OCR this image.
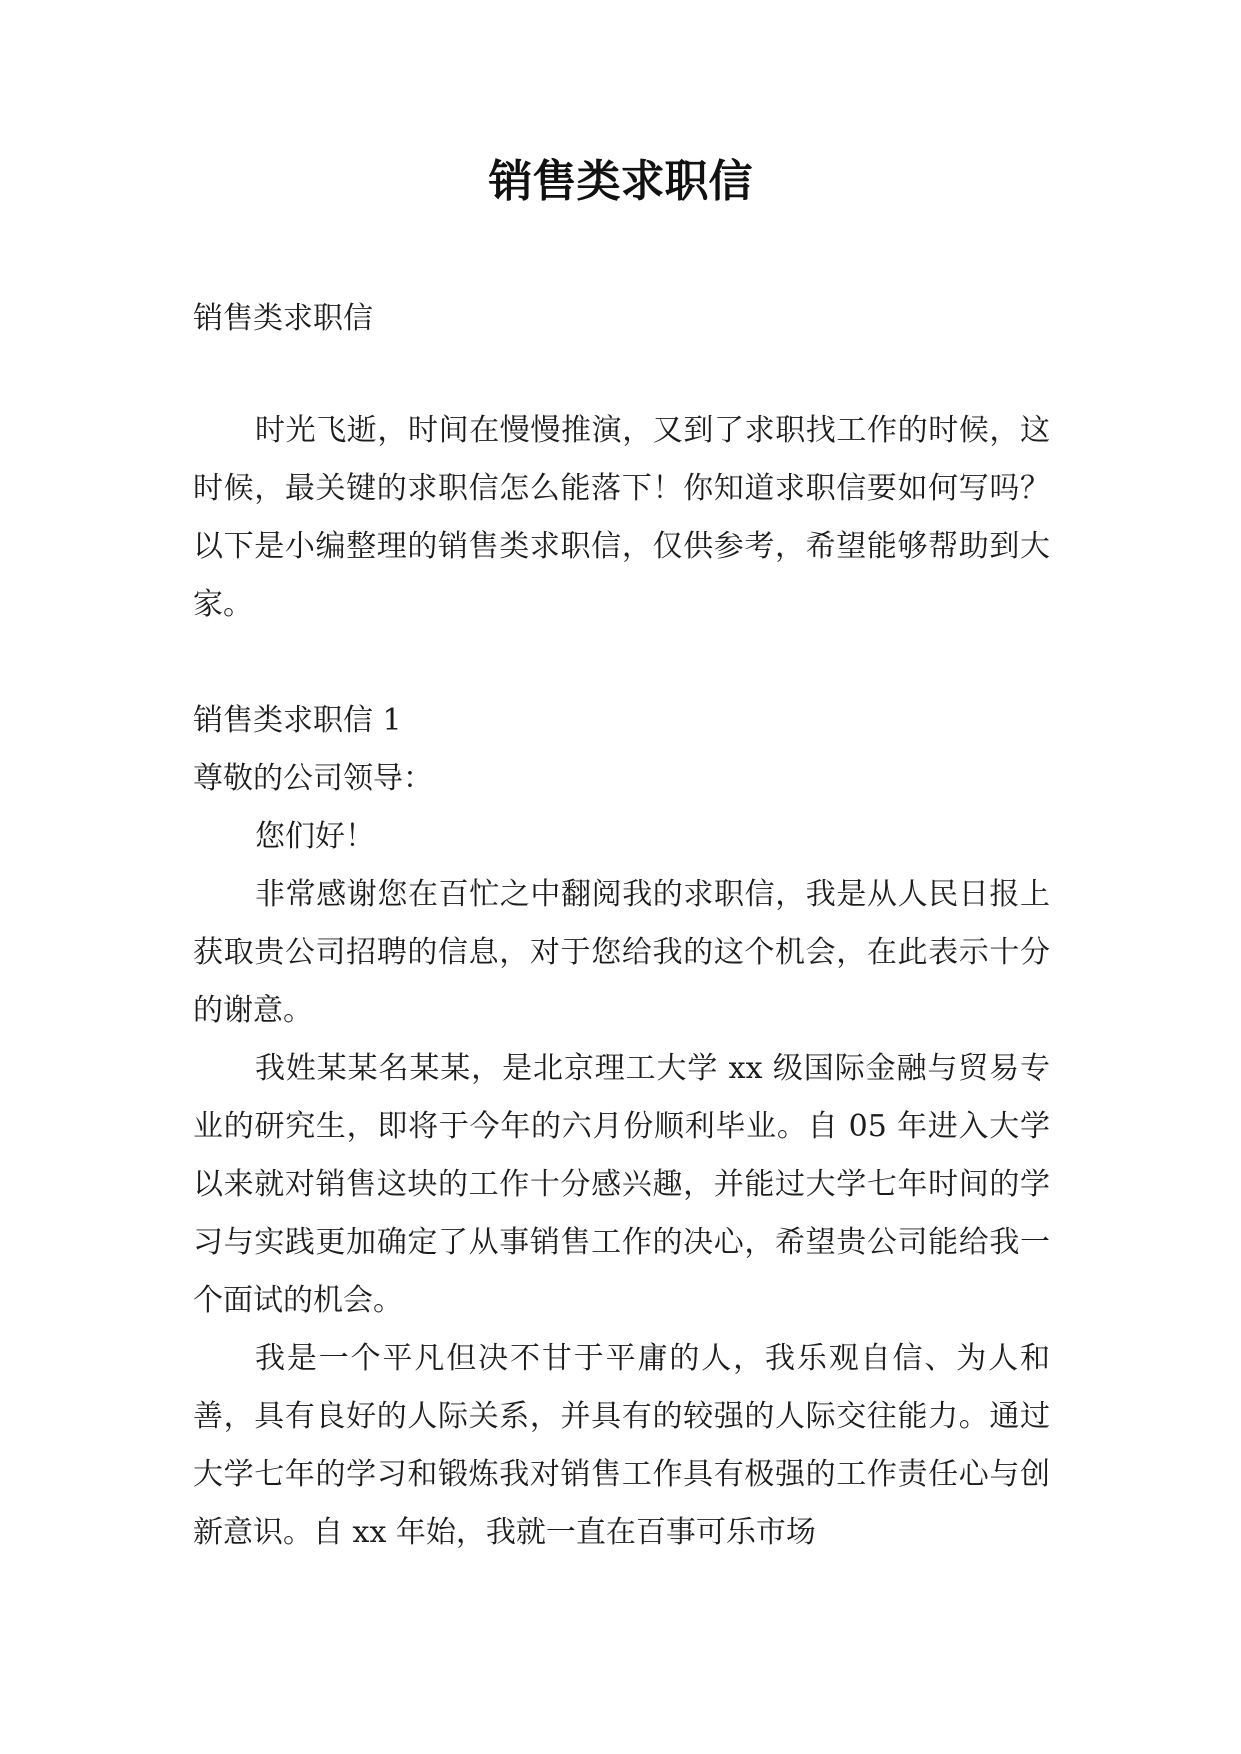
销售类求职信
销售类求职信

时光飞逝，时间在慢慢推演，又到了求职找工作的时候，这时候，最关键的求职信怎么能落下！你知道求职信要如何写吗？以下是小编整理的销售类求职信，仅供参考，希望能够帮助到大家。

销售类求职信 1

尊敬的公司领导：

您们好！

非常感谢您在百忙之中翻阅我的求职信，我是从人民日报上获取贵公司招聘的信息，对于您给我的这个机会，在此表示十分的谢意。

我姓某某名某某，是北京理工大学 xx 级国际金融与贸易专业的研究生，即将于今年的六月份顺利毕业。自 05 年进入大学以来就对销售这块的工作十分感兴趣，并能过大学七年时间的学习与实践更加确定了从事销售工作的决心，希望贵公司能给我一个面试的机会。

我是一个平凡但决不甘于平庸的人，我乐观自信、为人和善，具有良好的人际关系，并具有的较强的人际交往能力。通过大学七年的学习和锻炼我对销售工作具有极强的工作责任心与创新意识。自 xx 年始，我就一直在百事可乐市场
